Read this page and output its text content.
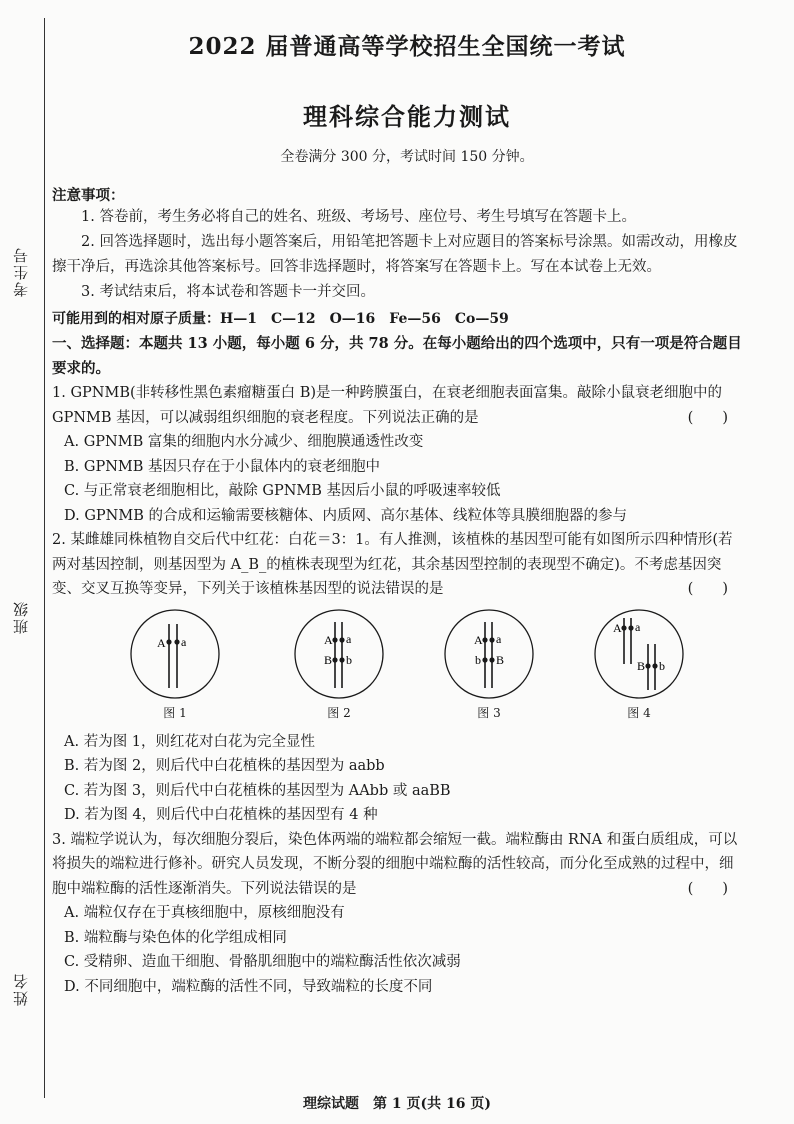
考生号
班级
姓名
2022 届普通高等学校招生全国统一考试
理科综合能力测试
全卷满分 300 分，考试时间 150 分钟。
注意事项：

1. 答卷前，考生务必将自己的姓名、班级、考场号、座位号、考生号填写在答题卡上。

2. 回答选择题时，选出每小题答案后，用铅笔把答题卡上对应题目的答案标号涂黑。如需改动，用橡皮擦干净后，再选涂其他答案标号。回答非选择题时，将答案写在答题卡上。写在本试卷上无效。

3. 考试结束后，将本试卷和答题卡一并交回。

可能用到的相对原子质量：H—1　C—12　O—16　Fe—56　Co—59

一、选择题：本题共 13 小题，每小题 6 分，共 78 分。在每小题给出的四个选项中，只有一项是符合题目要求的。

1. GPNMB(非转移性黑色素瘤糖蛋白 B)是一种跨膜蛋白，在衰老细胞表面富集。敲除小鼠衰老细胞中的 GPNMB 基因，可以减弱组织细胞的衰老程度。下列说法正确的是	(　　)

A. GPNMB 富集的细胞内水分减少、细胞膜通透性改变

B. GPNMB 基因只存在于小鼠体内的衰老细胞中

C. 与正常衰老细胞相比，敲除 GPNMB 基因后小鼠的呼吸速率较低

D. GPNMB 的合成和运输需要核糖体、内质网、高尔基体、线粒体等具膜细胞器的参与

2. 某雌雄同株植物自交后代中红花：白花＝3：1。有人推测，该植株的基因型可能有如图所示四种情形(若两对基因控制，则基因型为 A_B_的植株表现型为红花，其余基因型控制的表现型不确定)。不考虑基因突变、交叉互换等变异，下列关于该植株基因型的说法错误的是	(　　)

A a
图 1
A a
B b
图 2
A a
b B
图 3
A a
B b
图 4

A. 若为图 1，则红花对白花为完全显性

B. 若为图 2，则后代中白花植株的基因型为 aabb

C. 若为图 3，则后代中白花植株的基因型为 AAbb 或 aaBB

D. 若为图 4，则后代中白花植株的基因型有 4 种

3. 端粒学说认为，每次细胞分裂后，染色体两端的端粒都会缩短一截。端粒酶由 RNA 和蛋白质组成，可以将损失的端粒进行修补。研究人员发现，不断分裂的细胞中端粒酶的活性较高，而分化至成熟的过程中，细胞中端粒酶的活性逐渐消失。下列说法错误的是	(　　)

A. 端粒仅存在于真核细胞中，原核细胞没有

B. 端粒酶与染色体的化学组成相同

C. 受精卵、造血干细胞、骨骼肌细胞中的端粒酶活性依次减弱

D. 不同细胞中，端粒酶的活性不同，导致端粒的长度不同

理综试题　第 1 页(共 16 页)
